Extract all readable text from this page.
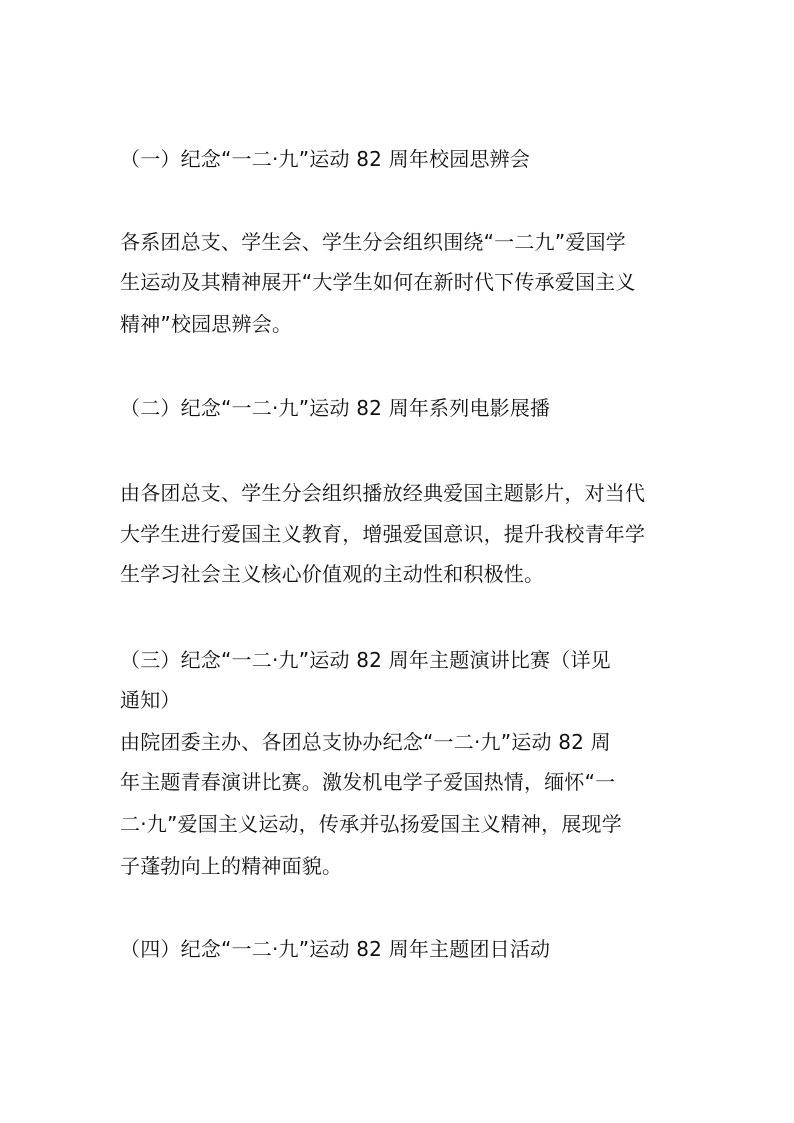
（一）纪念“一二·九”运动 82 周年校园思辨会
各系团总支、学生会、学生分会组织围绕“一二九”爱国学
生运动及其精神展开“大学生如何在新时代下传承爱国主义
精神”校园思辨会。
（二）纪念“一二·九”运动 82 周年系列电影展播
由各团总支、学生分会组织播放经典爱国主题影片，对当代
大学生进行爱国主义教育，增强爱国意识，提升我校青年学
生学习社会主义核心价值观的主动性和积极性。
（三）纪念“一二·九”运动 82 周年主题演讲比赛（详见
通知）
由院团委主办、各团总支协办纪念“一二·九”运动 82 周
年主题青春演讲比赛。激发机电学子爱国热情，缅怀“一
二·九”爱国主义运动，传承并弘扬爱国主义精神，展现学
子蓬勃向上的精神面貌。
（四）纪念“一二·九”运动 82 周年主题团日活动
